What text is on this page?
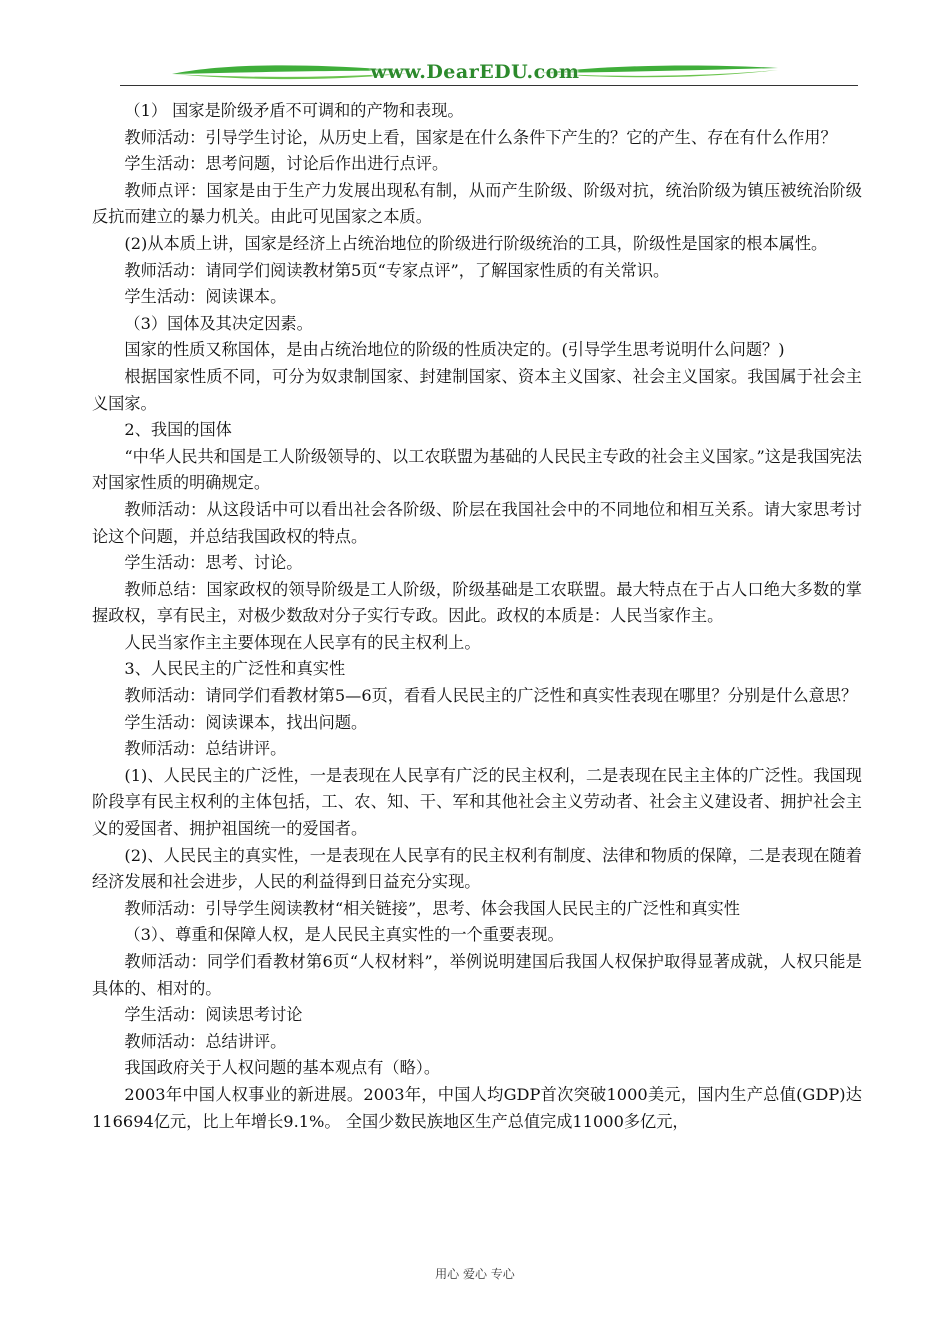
www.DearEDU.com

（1） 国家是阶级矛盾不可调和的产物和表现。

教师活动：引导学生讨论，从历史上看，国家是在什么条件下产生的？它的产生、存在有什么作用？

学生活动：思考问题，讨论后作出进行点评。

教师点评：国家是由于生产力发展出现私有制，从而产生阶级、阶级对抗，统治阶级为镇压被统治阶级反抗而建立的暴力机关。由此可见国家之本质。

(2)从本质上讲，国家是经济上占统治地位的阶级进行阶级统治的工具，阶级性是国家的根本属性。

教师活动：请同学们阅读教材第5页“专家点评”，了解国家性质的有关常识。

学生活动：阅读课本。

（3）国体及其决定因素。

国家的性质又称国体，是由占统治地位的阶级的性质决定的。(引导学生思考说明什么问题？)

根据国家性质不同，可分为奴隶制国家、封建制国家、资本主义国家、社会主义国家。我国属于社会主义国家。

2、我国的国体

“中华人民共和国是工人阶级领导的、以工农联盟为基础的人民民主专政的社会主义国家。”这是我国宪法对国家性质的明确规定。

教师活动：从这段话中可以看出社会各阶级、阶层在我国社会中的不同地位和相互关系。请大家思考讨论这个问题，并总结我国政权的特点。

学生活动：思考、讨论。

教师总结：国家政权的领导阶级是工人阶级，阶级基础是工农联盟。最大特点在于占人口绝大多数的掌握政权，享有民主，对极少数敌对分子实行专政。因此。政权的本质是：人民当家作主。

人民当家作主主要体现在人民享有的民主权利上。

3、人民民主的广泛性和真实性

教师活动：请同学们看教材第5—6页，看看人民民主的广泛性和真实性表现在哪里？分别是什么意思？

学生活动：阅读课本，找出问题。

教师活动：总结讲评。

(1)、人民民主的广泛性，一是表现在人民享有广泛的民主权利，二是表现在民主主体的广泛性。我国现阶段享有民主权利的主体包括，工、农、知、干、军和其他社会主义劳动者、社会主义建设者、拥护社会主义的爱国者、拥护祖国统一的爱国者。

(2)、人民民主的真实性，一是表现在人民享有的民主权利有制度、法律和物质的保障，二是表现在随着经济发展和社会进步，人民的利益得到日益充分实现。

教师活动：引导学生阅读教材“相关链接”，思考、体会我国人民民主的广泛性和真实性

（3）、尊重和保障人权，是人民民主真实性的一个重要表现。

教师活动：同学们看教材第6页“人权材料”，举例说明建国后我国人权保护取得显著成就，人权只能是具体的、相对的。

学生活动：阅读思考讨论

教师活动：总结讲评。

我国政府关于人权问题的基本观点有（略）。

2003年中国人权事业的新进展。2003年，中国人均GDP首次突破1000美元，国内生产总值(GDP)达116694亿元，比上年增长9.1%。 全国少数民族地区生产总值完成11000多亿元，

用心 爱心 专心
